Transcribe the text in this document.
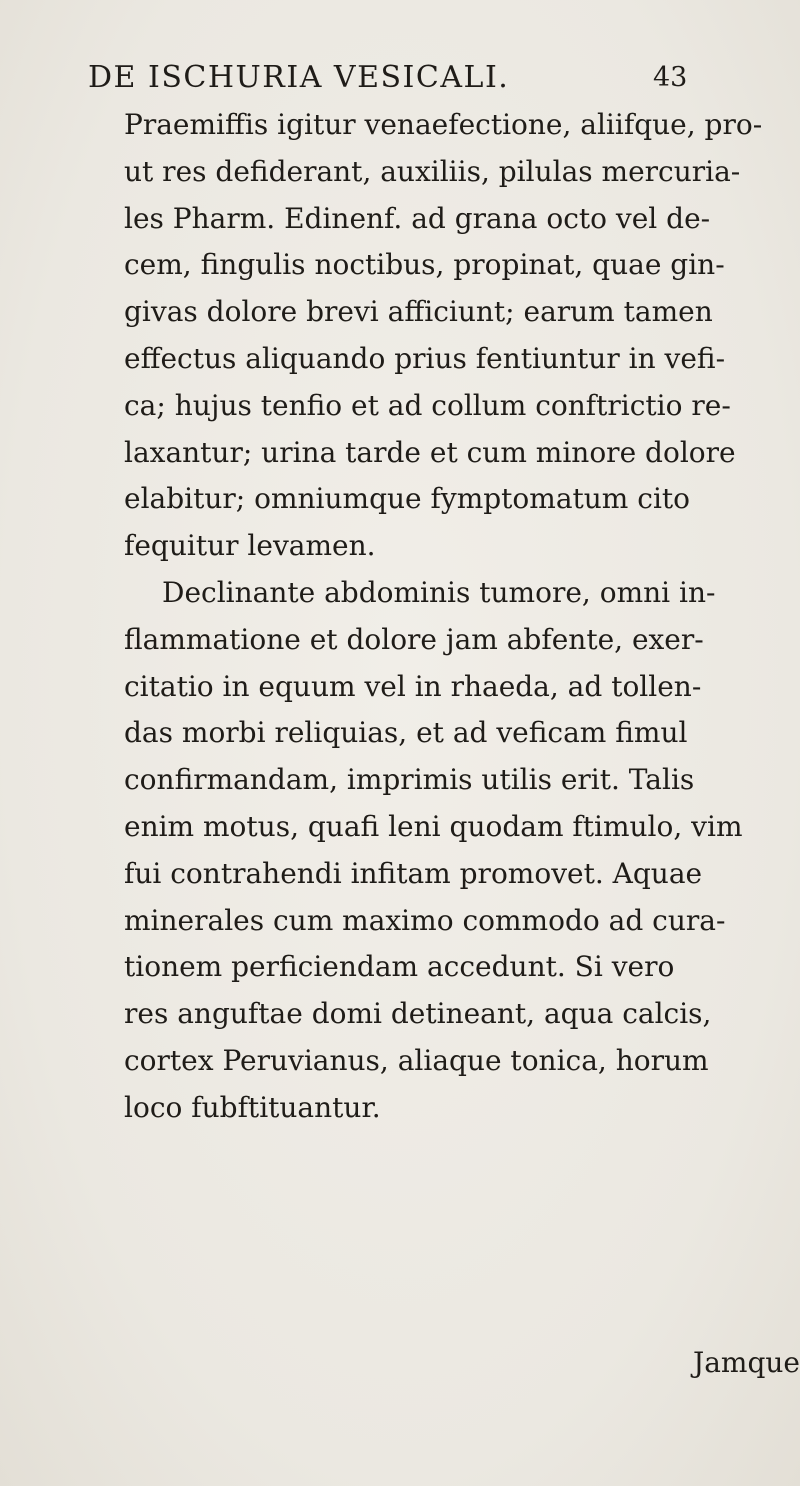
DE ISCHURIA VESICALI.	43
Praemiffis igitur venaefectione, aliifque, pro-
ut res defiderant, auxiliis, pilulas mercuria-
les Pharm. Edinenf. ad grana octo vel de-
cem, fingulis noctibus, propinat, quae gin-
givas dolore brevi afficiunt; earum tamen
effectus aliquando prius fentiuntur in vefi-
ca; hujus tenfio et ad collum conftrictio re-
laxantur; urina tarde et cum minore dolore
elabitur; omniumque fymptomatum cito
fequitur levamen.
Declinante abdominis tumore, omni in-
flammatione et dolore jam abfente, exer-
citatio in equum vel in rhaeda, ad tollen-
das morbi reliquias, et ad veficam fimul
confirmandam, imprimis utilis erit. Talis
enim motus, quafi leni quodam ftimulo, vim
fui contrahendi infitam promovet. Aquae
minerales cum maximo commodo ad cura-
tionem perficiendam accedunt. Si vero
res anguftae domi detineant, aqua calcis,
cortex Peruvianus, aliaque tonica, horum
loco fubftituantur.
Jamque
